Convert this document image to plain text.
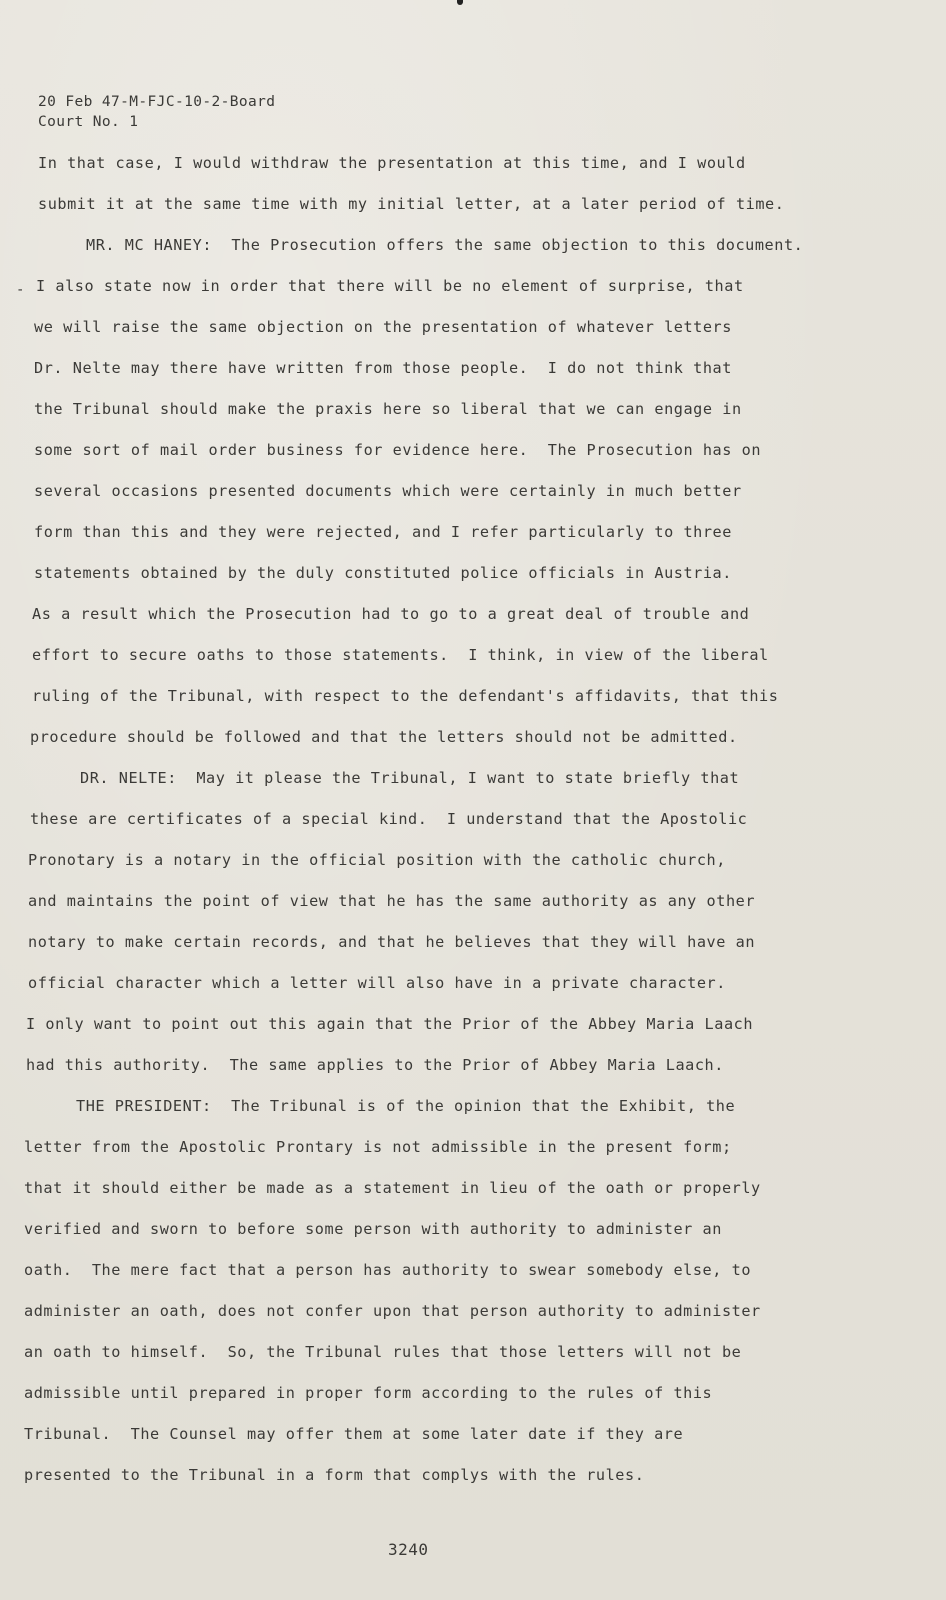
20 Feb 47-M-FJC-10-2-Board
Court No. 1
-
In that case, I would withdraw the presentation at this time, and I would
submit it at the same time with my initial letter, at a later period of time.
MR. MC HANEY:  The Prosecution offers the same objection to this document.
I also state now in order that there will be no element of surprise, that
we will raise the same objection on the presentation of whatever letters
Dr. Nelte may there have written from those people.  I do not think that
the Tribunal should make the praxis here so liberal that we can engage in
some sort of mail order business for evidence here.  The Prosecution has on
several occasions presented documents which were certainly in much better
form than this and they were rejected, and I refer particularly to three
statements obtained by the duly constituted police officials in Austria.
As a result which the Prosecution had to go to a great deal of trouble and
effort to secure oaths to those statements.  I think, in view of the liberal
ruling of the Tribunal, with respect to the defendant's affidavits, that this
procedure should be followed and that the letters should not be admitted.
DR. NELTE:  May it please the Tribunal, I want to state briefly that
these are certificates of a special kind.  I understand that the Apostolic
Pronotary is a notary in the official position with the catholic church,
and maintains the point of view that he has the same authority as any other
notary to make certain records, and that he believes that they will have an
official character which a letter will also have in a private character.
I only want to point out this again that the Prior of the Abbey Maria Laach
had this authority.  The same applies to the Prior of Abbey Maria Laach.
THE PRESIDENT:  The Tribunal is of the opinion that the Exhibit, the
letter from the Apostolic Prontary is not admissible in the present form;
that it should either be made as a statement in lieu of the oath or properly
verified and sworn to before some person with authority to administer an
oath.  The mere fact that a person has authority to swear somebody else, to
administer an oath, does not confer upon that person authority to administer
an oath to himself.  So, the Tribunal rules that those letters will not be
admissible until prepared in proper form according to the rules of this
Tribunal.  The Counsel may offer them at some later date if they are
presented to the Tribunal in a form that complys with the rules.
3240
